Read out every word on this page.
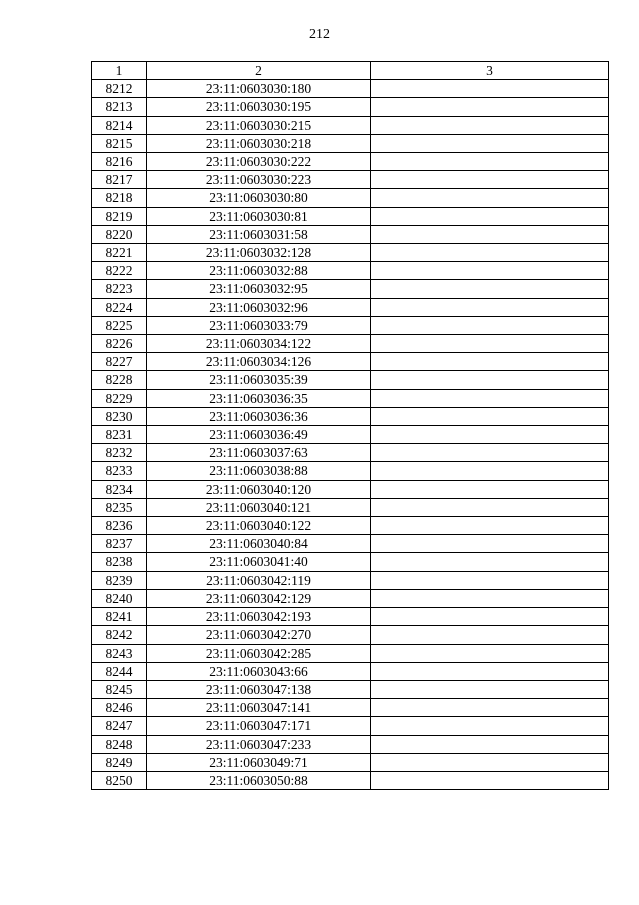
212
1	2	3
8212	23:11:0603030:180	
8213	23:11:0603030:195	
8214	23:11:0603030:215	
8215	23:11:0603030:218	
8216	23:11:0603030:222	
8217	23:11:0603030:223	
8218	23:11:0603030:80	
8219	23:11:0603030:81	
8220	23:11:0603031:58	
8221	23:11:0603032:128	
8222	23:11:0603032:88	
8223	23:11:0603032:95	
8224	23:11:0603032:96	
8225	23:11:0603033:79	
8226	23:11:0603034:122	
8227	23:11:0603034:126	
8228	23:11:0603035:39	
8229	23:11:0603036:35	
8230	23:11:0603036:36	
8231	23:11:0603036:49	
8232	23:11:0603037:63	
8233	23:11:0603038:88	
8234	23:11:0603040:120	
8235	23:11:0603040:121	
8236	23:11:0603040:122	
8237	23:11:0603040:84	
8238	23:11:0603041:40	
8239	23:11:0603042:119	
8240	23:11:0603042:129	
8241	23:11:0603042:193	
8242	23:11:0603042:270	
8243	23:11:0603042:285	
8244	23:11:0603043:66	
8245	23:11:0603047:138	
8246	23:11:0603047:141	
8247	23:11:0603047:171	
8248	23:11:0603047:233	
8249	23:11:0603049:71	
8250	23:11:0603050:88	
